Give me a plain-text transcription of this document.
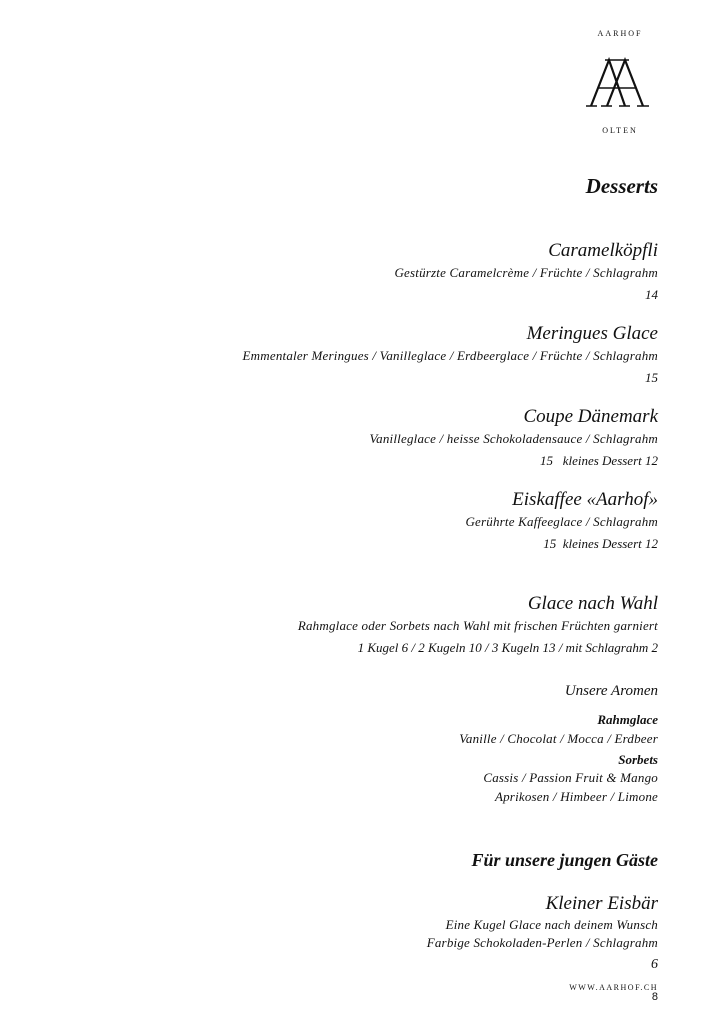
AARHOF
OLTEN
Desserts
Caramelköpfli
Gestürzte Caramelcrème / Früchte / Schlagrahm
14
Meringues Glace
Emmentaler Meringues / Vanilleglace / Erdbeerglace / Früchte / Schlagrahm
15
Coupe Dänemark
Vanilleglace / heisse Schokoladensauce / Schlagrahm
15   kleines Dessert 12
Eiskaffee «Aarhof»
Gerührte Kaffeeglace / Schlagrahm
15  kleines Dessert 12
Glace nach Wahl
Rahmglace oder Sorbets nach Wahl mit frischen Früchten garniert
1 Kugel 6 / 2 Kugeln 10 / 3 Kugeln 13 / mit Schlagrahm 2
Unsere Aromen
Rahmglace
Vanille / Chocolat / Mocca / Erdbeer
Sorbets
Cassis / Passion Fruit & Mango
Aprikosen / Himbeer / Limone
Für unsere jungen Gäste
Kleiner Eisbär
Eine Kugel Glace nach deinem Wunsch
Farbige Schokoladen-Perlen / Schlagrahm
6
WWW.AARHOF.CH
8
